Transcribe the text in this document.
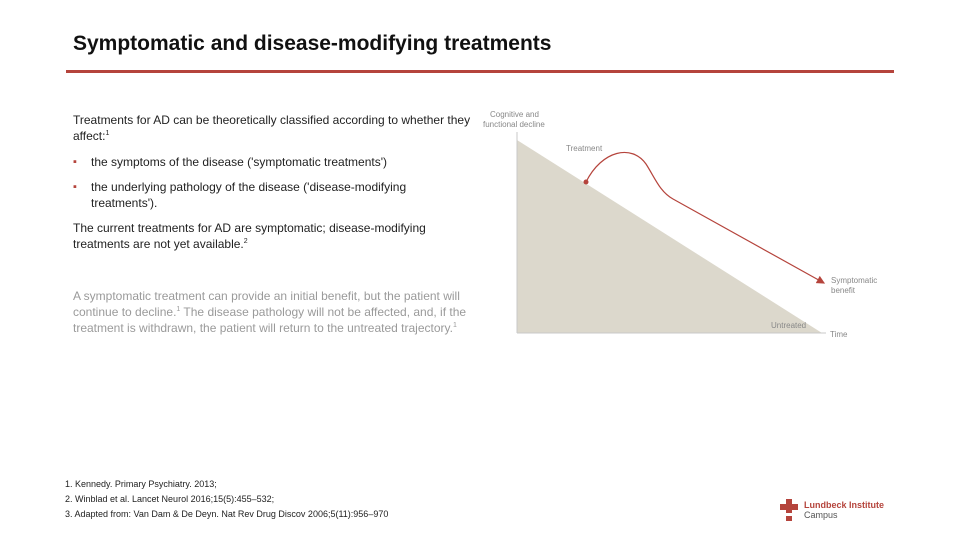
Symptomatic and disease-modifying treatments

Treatments for AD can be theoretically classified according to whether they affect:$^1$

▪ the symptoms of the disease ('symptomatic treatments')
▪ the underlying pathology of the disease ('disease-modifying treatments').

The current treatments for AD are symptomatic; disease-modifying treatments are not yet available.$^2$

A symptomatic treatment can provide an initial benefit, but the patient will continue to decline.$^1$ The disease pathology will not be affected, and, if the treatment is withdrawn, the patient will return to the untreated trajectory.$^1$

Cognitive and
functional decline
Treatment
Symptomatic
benefit
Untreated
Time
1. Kennedy. Primary Psychiatry. 2013;
2. Winblad et al. Lancet Neurol 2016;15(5):455–532;
3. Adapted from: Van Dam & De Deyn. Nat Rev Drug Discov 2006;5(11):956–970
Lundbeck Institute
Campus
